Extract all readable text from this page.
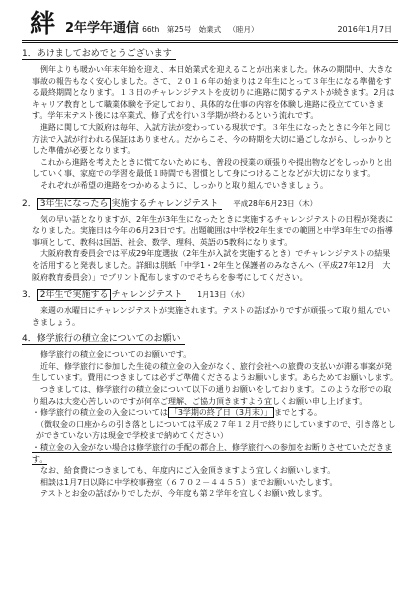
絆 2年学年通信 66th 第25号 始業式 （睦月）	2016年1月7日
1．あけましておめでとうございます

例年よりも暖かい年末年始を迎え、本日始業式を迎えることが出来ました。休みの期間中、大きな事故の報告もなく安心しました。さて、２０１６年の始まりは２年生にとって３年生になる準備をする最終期間となります。１３日のチャレンジテストを皮切りに進路に関するテストが続きます。2月はキャリア教育として職業体験を予定しており、具体的な仕事の内容を体験し進路に役立てていきます。学年末テスト後には卒業式、修了式を行い３学期が終わるという流れです。

進路に関して大阪府は毎年、入試方法が変わっている現状です。３年生になったときに今年と同じ方法で入試が行われる保証はありません。だからこそ、今の時期を大切に過ごしながら、しっかりとした準備が必要となります。

これから進路を考えたときに慌てないためにも、普段の授業の頑張りや提出物などをしっかりと出していく事、家庭での学習を最低１時間でも習慣として身につけることなどが大切になります。

それぞれが希望の進路をつかめるように、しっかりと取り組んでいきましょう。

2． 3年生になったら 実施するチャレンジテスト 平成28年6月23日（木）

気の早い話となりますが、2年生が3年生になったときに実施するチャレンジテストの日程が発表になりました。実施日は今年の6月23日です。出題範囲は中学校2年生までの範囲と中学3年生での指導事項として、教科は国語、社会、数学、理科、英語の5教科になります。

大阪府教育委員会では平成29年度選抜（2年生が入試を実施するとき）でチャレンジテストの結果を活用すると発表しました。詳細は別紙「中学1・2年生と保護者のみなさんへ（平成27年12月　大阪府教育委員会）」でプリント配布しますのでそちらを参考にしてください。

3． 2年生で実施する チャレンジテスト 1月13日（水）

来週の水曜日にチャレンジテストが実施されます。テストの話ばかりですが頑張って取り組んでいきましょう。

4．修学旅行の積立金についてのお願い

修学旅行の積立金についてのお願いです。

近年、修学旅行に参加した生徒の積立金の入金がなく、旅行会社への旅費の支払いが滞る事案が発生しています。費用につきましては必ずご準備くださるようお願いします。あらためてお願いします。

つきましては、修学旅行の積立金について以下の通りお願いをしております。このような形での取り組みは大変心苦しいのですが何卒ご理解、ご協力頂きますよう宜しくお願い申し上げます。

・修学旅行の積立金の入金については 「3学期の終了日（3月末）」 までとする。

（徴収金の口座からの引き落としについては平成２７年１２月で終りにしていますので、引き落としができていない方は現金で学校まで納めてください）

・積立金の入金がない場合は修学旅行の手配の都合上、修学旅行への参加をお断りさせていただきます。

なお、給食費につきましても、年度内にご入金頂きますよう宜しくお願いします。

相談は1月7日以降に中学校事務室（６７０２－４４５５）までお願いいたします。

テストとお金の話ばかりでしたが、今年度も第２学年を宜しくお願い致します。
